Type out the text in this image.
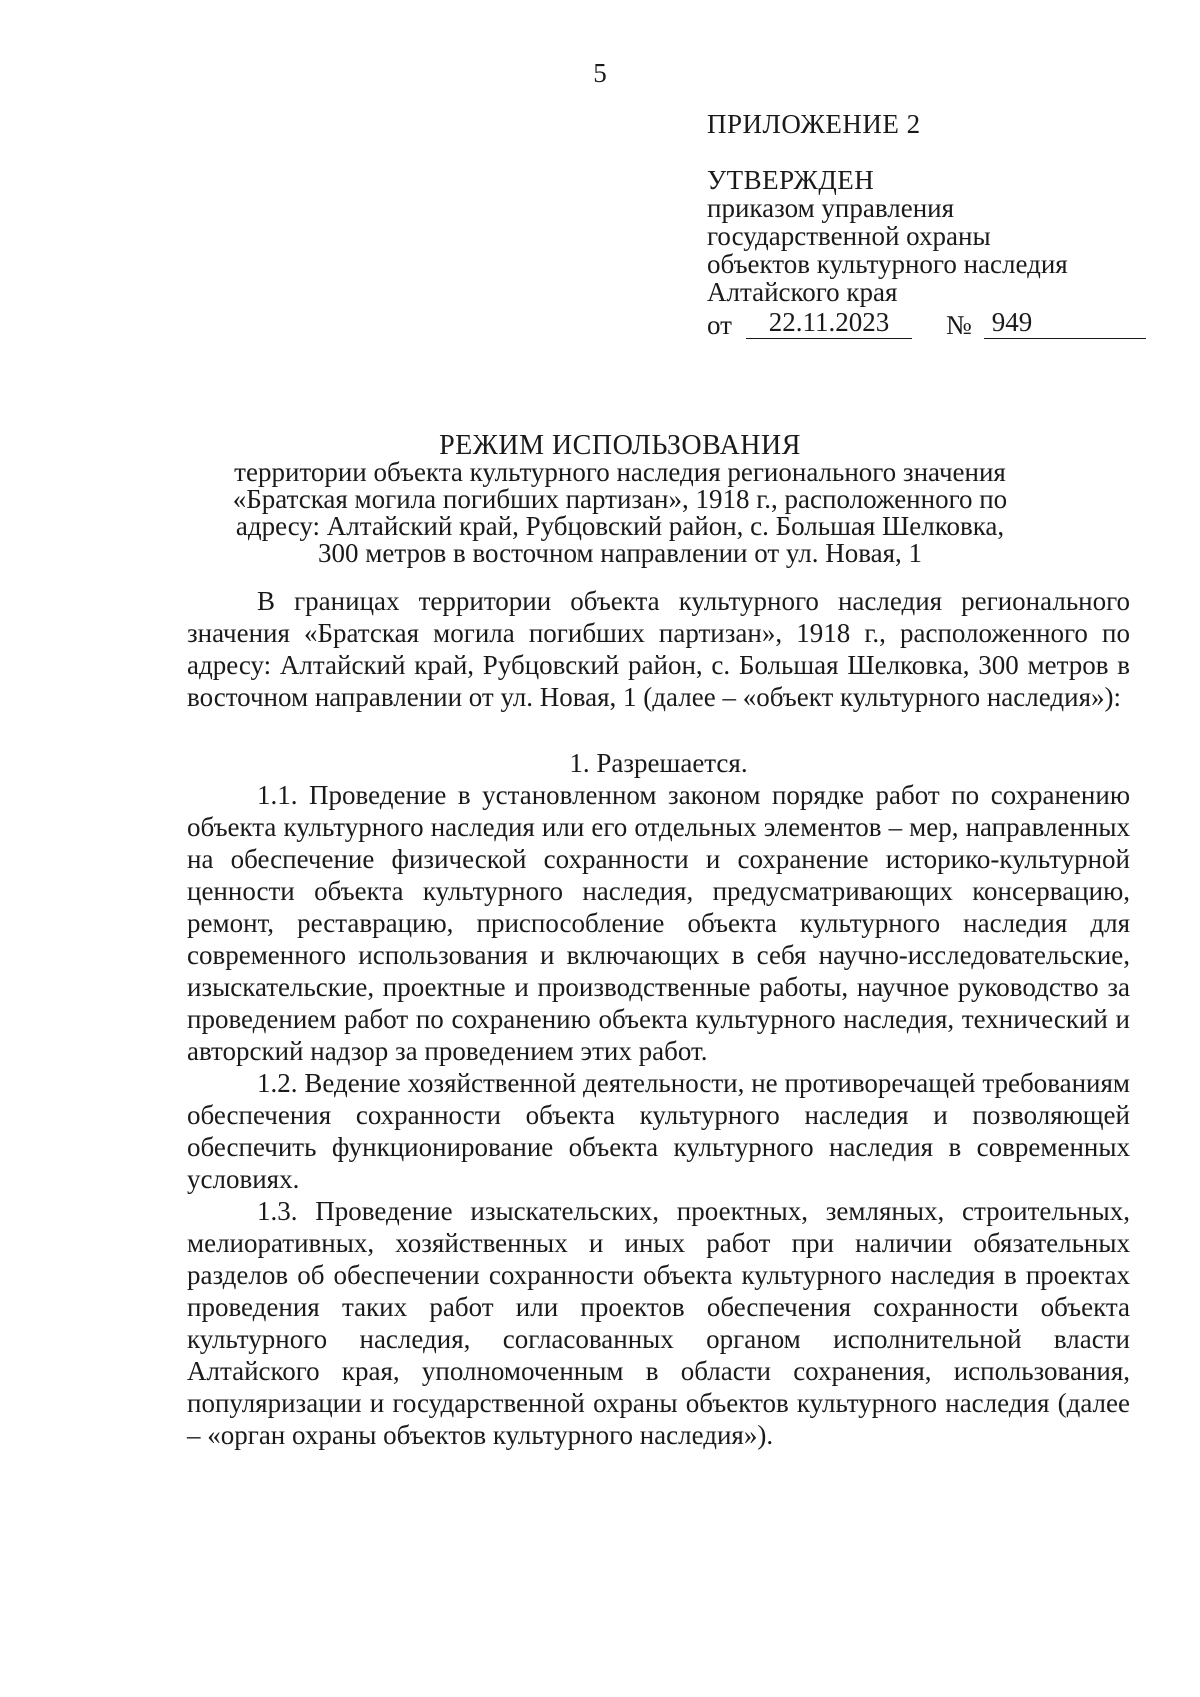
5

ПРИЛОЖЕНИЕ 2

УТВЕРЖДЕН

приказом управления

государственной охраны

объектов культурного наследия

Алтайского края

от	22.11.2023	№ 949

РЕЖИМ ИСПОЛЬЗОВАНИЯ

территории объекта культурного наследия регионального значения

«Братская могила погибших партизан», 1918 г., расположенного по

адресу: Алтайский край, Рубцовский район, с. Большая Шелковка,

300 метров в восточном направлении от ул. Новая, 1

В границах территории объекта культурного наследия регионального значения «Братская могила погибших партизан», 1918 г., расположенного по адресу: Алтайский край, Рубцовский район, с. Большая Шелковка, 300 метров в восточном направлении от ул. Новая, 1 (далее – «объект культурного наследия»):

1. Разрешается.

1.1. Проведение в установленном законом порядке работ по сохранению объекта культурного наследия или его отдельных элементов – мер, направленных на обеспечение физической сохранности и сохранение историко-культурной ценности объекта культурного наследия, предусматривающих консервацию, ремонт, реставрацию, приспособление объекта культурного наследия для современного использования и включающих в себя научно-исследовательские, изыскательские, проектные и производственные работы, научное руководство за проведением работ по сохранению объекта культурного наследия, технический и авторский надзор за проведением этих работ.

1.2. Ведение хозяйственной деятельности, не противоречащей требованиям обеспечения сохранности объекта культурного наследия и позволяющей обеспечить функционирование объекта культурного наследия в современных условиях.

1.3. Проведение изыскательских, проектных, земляных, строительных, мелиоративных, хозяйственных и иных работ при наличии обязательных разделов об обеспечении сохранности объекта культурного наследия в проектах проведения таких работ или проектов обеспечения сохранности объекта культурного наследия, согласованных органом исполнительной власти Алтайского края, уполномоченным в области сохранения, использования, популяризации и государственной охраны объектов культурного наследия (далее – «орган охраны объектов культурного наследия»).
